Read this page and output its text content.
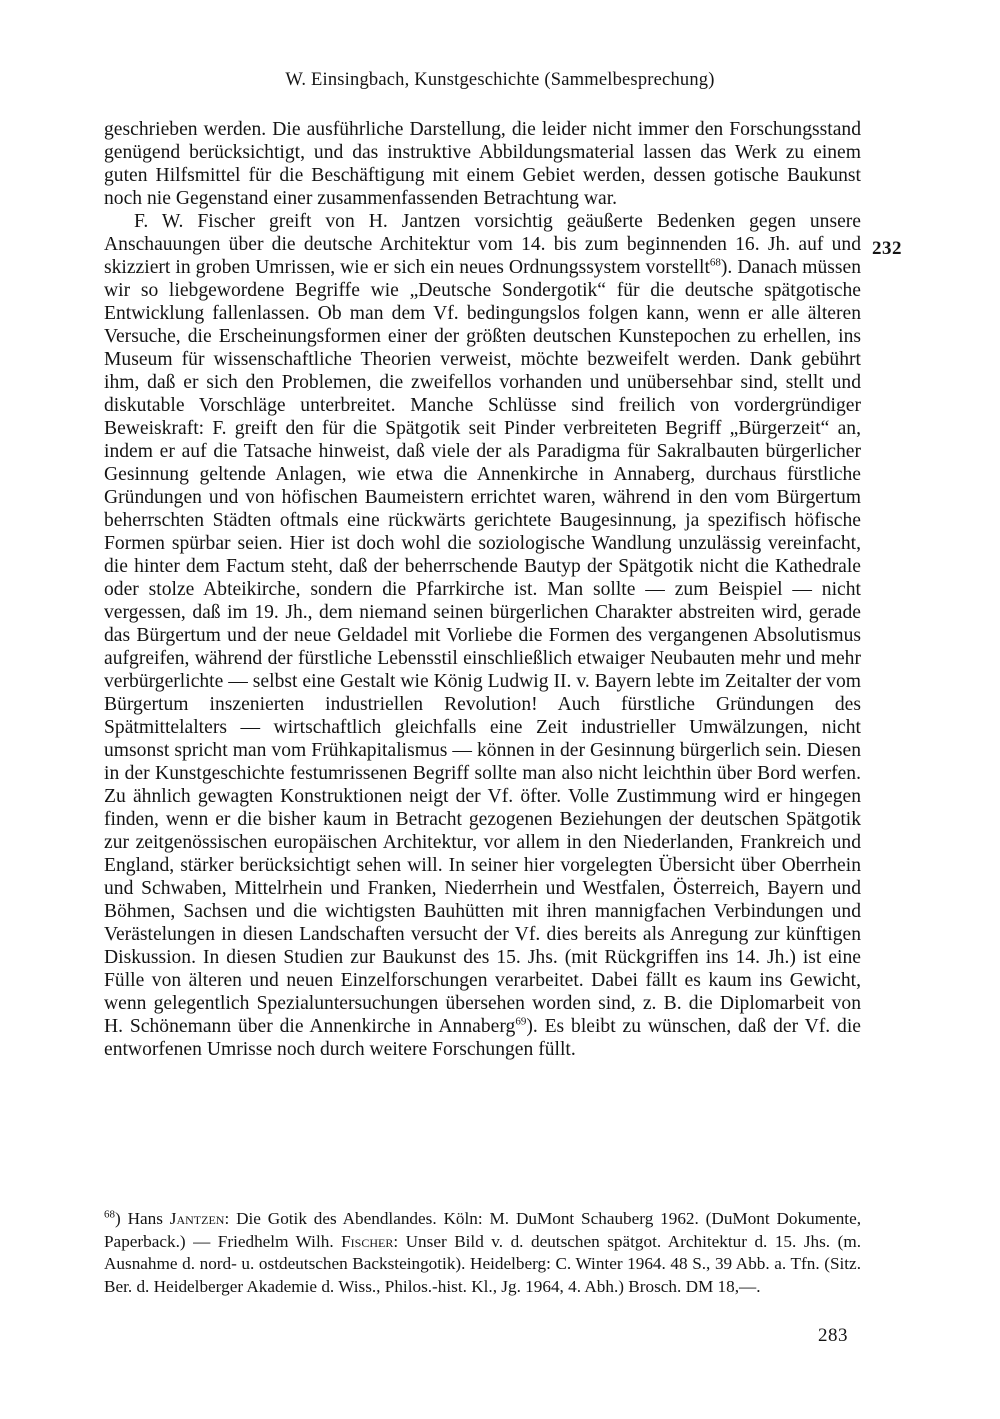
W. Einsingbach, Kunstgeschichte (Sammelbesprechung)

geschrieben werden. Die ausführliche Darstellung, die leider nicht immer den Forschungsstand genügend berücksichtigt, und das instruktive Abbildungsmaterial lassen das Werk zu einem guten Hilfsmittel für die Beschäftigung mit einem Gebiet werden, dessen gotische Baukunst noch nie Gegenstand einer zusammenfassenden Betrachtung war.

F. W. Fischer greift von H. Jantzen vorsichtig geäußerte Bedenken gegen unsere Anschauungen über die deutsche Architektur vom 14. bis zum beginnenden 16. Jh. auf und skizziert in groben Umrissen, wie er sich ein neues Ordnungssystem vorstellt$^{68}$). Danach müssen wir so liebgewordene Begriffe wie „Deutsche Sondergotik“ für die deutsche spätgotische Entwicklung fallenlassen. Ob man dem Vf. bedingungslos folgen kann, wenn er alle älteren Versuche, die Erscheinungsformen einer der größten deutschen Kunstepochen zu erhellen, ins Museum für wissenschaftliche Theorien verweist, möchte bezweifelt werden. Dank gebührt ihm, daß er sich den Problemen, die zweifellos vorhanden und unübersehbar sind, stellt und diskutable Vorschläge unterbreitet. Manche Schlüsse sind freilich von vordergründiger Beweiskraft: F. greift den für die Spätgotik seit Pinder verbreiteten Begriff „Bürgerzeit“ an, indem er auf die Tatsache hinweist, daß viele der als Paradigma für Sakralbauten bürgerlicher Gesinnung geltende Anlagen, wie etwa die Annenkirche in Annaberg, durchaus fürstliche Gründungen und von höfischen Baumeistern errichtet waren, während in den vom Bürgertum beherrschten Städten oftmals eine rückwärts gerichtete Baugesinnung, ja spezifisch höfische Formen spürbar seien. Hier ist doch wohl die soziologische Wandlung unzulässig vereinfacht, die hinter dem Factum steht, daß der beherrschende Bautyp der Spätgotik nicht die Kathedrale oder stolze Abteikirche, sondern die Pfarrkirche ist. Man sollte — zum Beispiel — nicht vergessen, daß im 19. Jh., dem niemand seinen bürgerlichen Charakter abstreiten wird, gerade das Bürgertum und der neue Geldadel mit Vorliebe die Formen des vergangenen Absolutismus aufgreifen, während der fürstliche Lebensstil einschließlich etwaiger Neubauten mehr und mehr verbürgerlichte — selbst eine Gestalt wie König Ludwig II. v. Bayern lebte im Zeitalter der vom Bürgertum inszenierten industriellen Revolution! Auch fürstliche Gründungen des Spätmittelalters — wirtschaftlich gleichfalls eine Zeit industrieller Umwälzungen, nicht umsonst spricht man vom Frühkapitalismus — können in der Gesinnung bürgerlich sein. Diesen in der Kunstgeschichte festumrissenen Begriff sollte man also nicht leichthin über Bord werfen. Zu ähnlich gewagten Konstruktionen neigt der Vf. öfter. Volle Zustimmung wird er hingegen finden, wenn er die bisher kaum in Betracht gezogenen Beziehungen der deutschen Spätgotik zur zeitgenössischen europäischen Architektur, vor allem in den Niederlanden, Frankreich und England, stärker berücksichtigt sehen will. In seiner hier vorgelegten Übersicht über Oberrhein und Schwaben, Mittelrhein und Franken, Niederrhein und Westfalen, Österreich, Bayern und Böhmen, Sachsen und die wichtigsten Bauhütten mit ihren mannigfachen Verbindungen und Verästelungen in diesen Landschaften versucht der Vf. dies bereits als Anregung zur künftigen Diskussion. In diesen Studien zur Baukunst des 15. Jhs. (mit Rückgriffen ins 14. Jh.) ist eine Fülle von älteren und neuen Einzelforschungen verarbeitet. Dabei fällt es kaum ins Gewicht, wenn gelegentlich Spezialuntersuchungen übersehen worden sind, z. B. die Diplomarbeit von H. Schönemann über die Annenkirche in Annaberg$^{69}$). Es bleibt zu wünschen, daß der Vf. die entworfenen Umrisse noch durch weitere Forschungen füllt.

232

$^{68}$) Hans Jantzen: Die Gotik des Abendlandes. Köln: M. DuMont Schauberg 1962. (DuMont Dokumente, Paperback.) — Friedhelm Wilh. Fischer: Unser Bild v. d. deutschen spätgot. Architektur d. 15. Jhs. (m. Ausnahme d. nord- u. ostdeutschen Backsteingotik). Heidelberg: C. Winter 1964. 48 S., 39 Abb. a. Tfn. (Sitz. Ber. d. Heidelberger Akademie d. Wiss., Philos.-hist. Kl., Jg. 1964, 4. Abh.) Brosch. DM 18,—.

283
